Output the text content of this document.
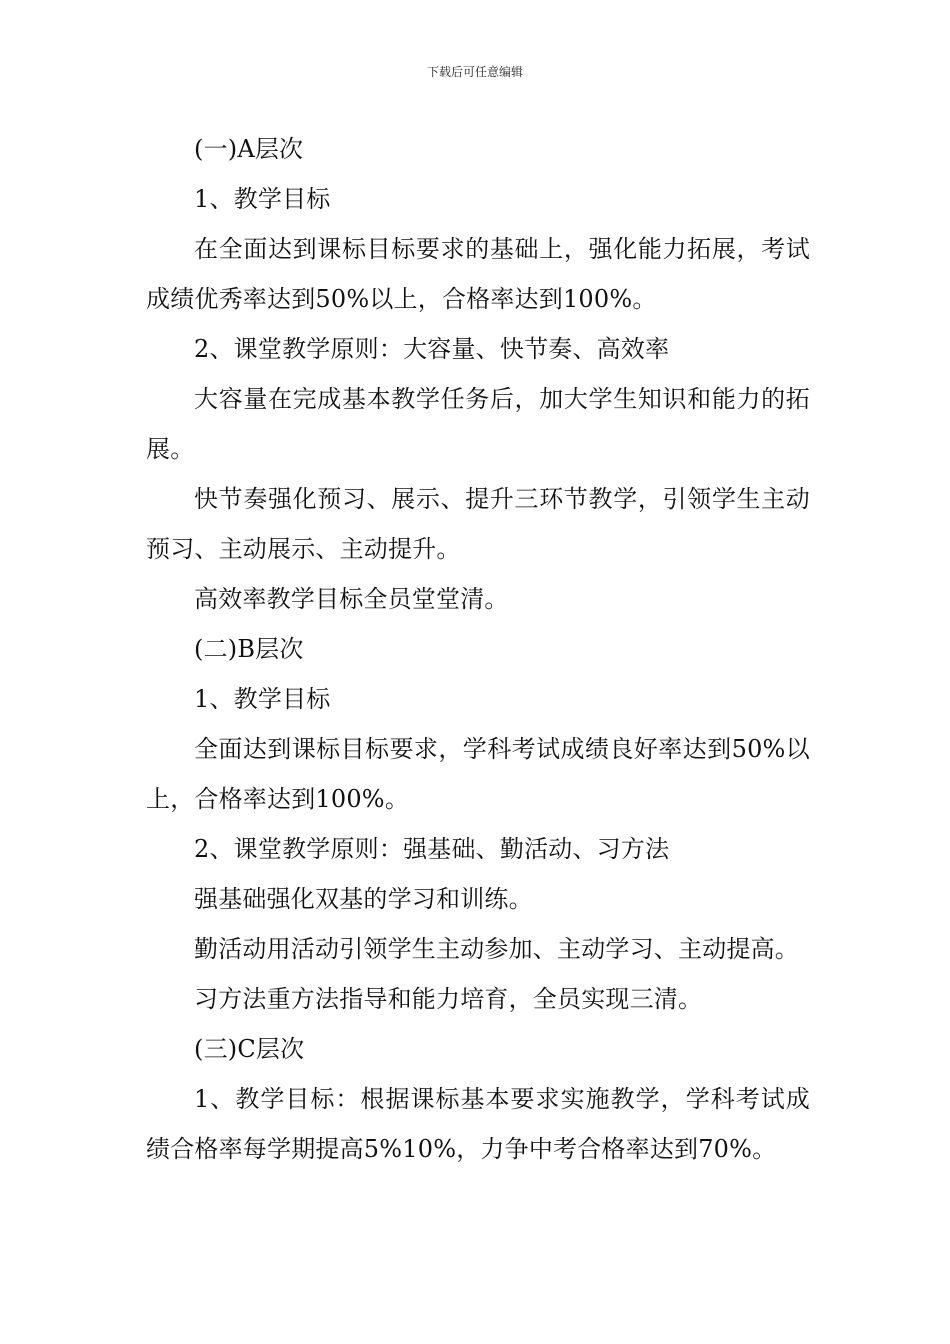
下载后可任意编辑

(一)A层次

1、教学目标

在全面达到课标目标要求的基础上，强化能力拓展，考试成绩优秀率达到50%以上，合格率达到100%。

2、课堂教学原则：大容量、快节奏、高效率

大容量在完成基本教学任务后，加大学生知识和能力的拓展。

快节奏强化预习、展示、提升三环节教学，引领学生主动预习、主动展示、主动提升。

高效率教学目标全员堂堂清。

(二)B层次

1、教学目标

全面达到课标目标要求，学科考试成绩良好率达到50%以上，合格率达到100%。

2、课堂教学原则：强基础、勤活动、习方法

强基础强化双基的学习和训练。

勤活动用活动引领学生主动参加、主动学习、主动提高。

习方法重方法指导和能力培育，全员实现三清。

(三)C层次

1、教学目标：根据课标基本要求实施教学，学科考试成绩合格率每学期提高5%10%，力争中考合格率达到70%。
